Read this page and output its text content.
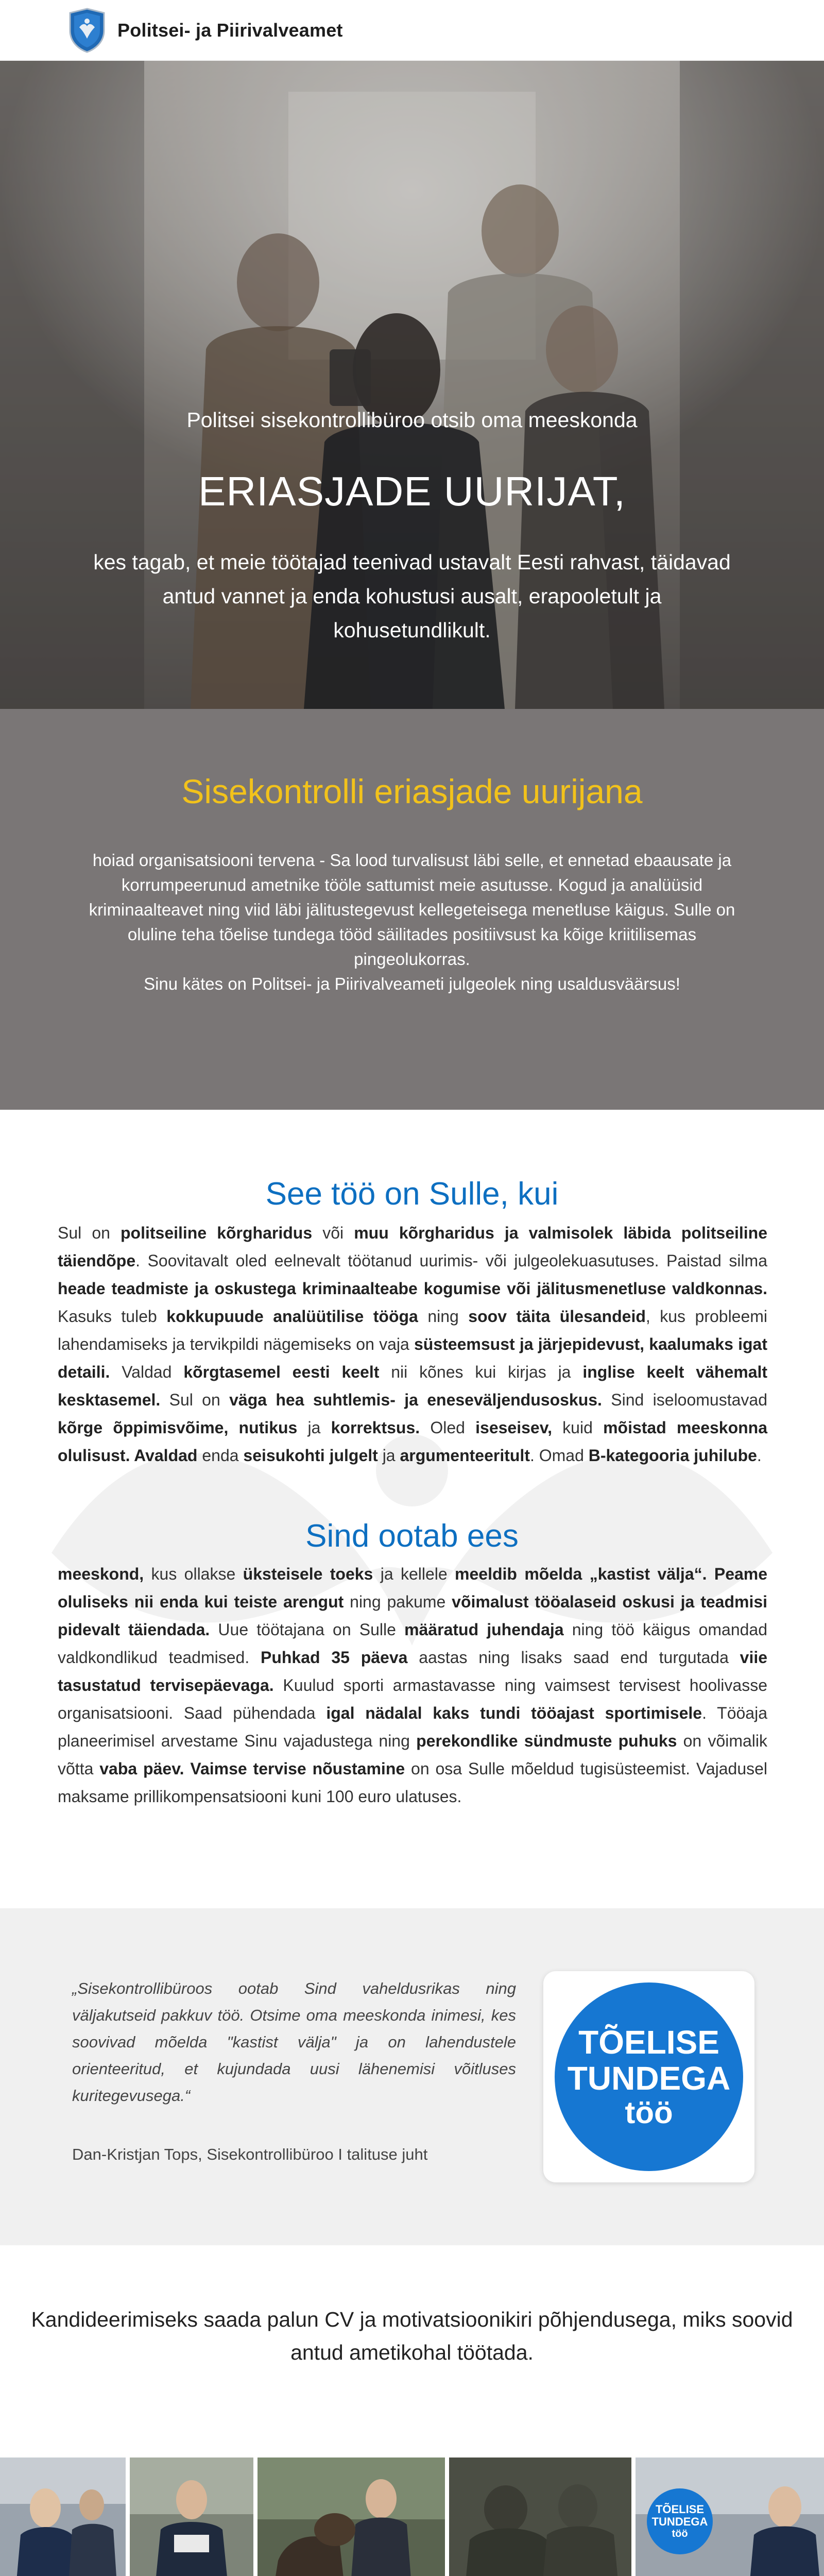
Politsei- ja Piirivalveamet
Politsei sisekontrollibüroo otsib oma meeskonda
ERIASJADE UURIJAT,
kes tagab, et meie töötajad teenivad ustavalt Eesti rahvast, täidavad antud vannet ja enda kohustusi ausalt, erapooletult ja kohusetundlikult.
Sisekontrolli eriasjade uurijana
hoiad organisatsiooni tervena - Sa lood turvalisust läbi selle, et ennetad ebaausate ja korrumpeerunud ametnike tööle sattumist meie asutusse. Kogud ja analüüsid kriminaalteavet ning viid läbi jälitustegevust kellegeteisega menetluse käigus. Sulle on oluline teha tõelise tundega tööd säilitades positiivsust ka kõige kriitilisemas pingeolukorras.
Sinu kätes on Politsei- ja Piirivalveameti julgeolek ning usaldusväärsus!
See töö on Sulle, kui
Sul on politseiline kõrgharidus või muu kõrgharidus ja valmisolek läbida politseiline täiendõpe. Soovitavalt oled eelnevalt töötanud uurimis- või julgeolekuasutuses. Paistad silma heade teadmiste ja oskustega kriminaalteabe kogumise või jälitusmenetluse valdkonnas. Kasuks tuleb kokkupuude analüütilise tööga ning soov täita ülesandeid, kus probleemi lahendamiseks ja tervikpildi nägemiseks on vaja süsteemsust ja järjepidevust, kaalumaks igat detaili. Valdad kõrgtasemel eesti keelt nii kõnes kui kirjas ja inglise keelt vähemalt kesktasemel. Sul on väga hea suhtlemis- ja eneseväljendusoskus. Sind iseloomustavad kõrge õppimisvõime, nutikus ja korrektsus. Oled iseseisev, kuid mõistad meeskonna olulisust. Avaldad enda seisukohti julgelt ja argumenteeritult. Omad B-kategooria juhilube.
Sind ootab ees
meeskond, kus ollakse üksteisele toeks ja kellele meeldib mõelda „kastist välja“. Peame oluliseks nii enda kui teiste arengut ning pakume võimalust tööalaseid oskusi ja teadmisi pidevalt täiendada. Uue töötajana on Sulle määratud juhendaja ning töö käigus omandad valdkondlikud teadmised. Puhkad 35 päeva aastas ning lisaks saad end turgutada viie tasustatud tervisepäevaga. Kuulud sporti armastavasse ning vaimsest tervisest hoolivasse organisatsiooni. Saad pühendada igal nädalal kaks tundi tööajast sportimisele. Tööaja planeerimisel arvestame Sinu vajadustega ning perekondlike sündmuste puhuks on võimalik võtta vaba päev. Vaimse tervise nõustamine on osa Sulle mõeldud tugisüsteemist. Vajadusel maksame prillikompensatsiooni kuni 100 euro ulatuses.
„Sisekontrollibüroos ootab Sind vaheldusrikas ning väljakutseid pakkuv töö. Otsime oma meeskonda inimesi, kes soovivad mõelda "kastist välja" ja on lahendustele orienteeritud, et kujundada uusi lähenemisi võitluses kuritegevusega.“
Dan-Kristjan Tops, Sisekontrollibüroo I talituse juht
TÕELISE
TUNDEGA
töö
Kandideerimiseks saada palun CV ja motivatsioonikiri põhjendusega, miks soovid antud ametikohal töötada.
TÕELISE
TUNDEGA
töö
